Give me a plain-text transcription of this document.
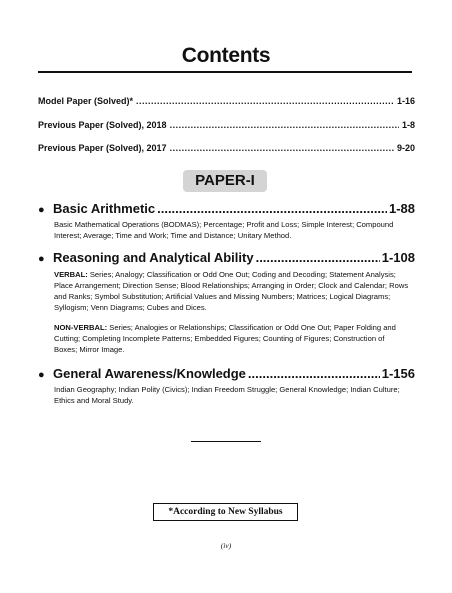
Contents
Model Paper (Solved)* .....	1-16
Previous Paper (Solved), 2018 .....	1-8
Previous Paper (Solved), 2017 .....	9-20
PAPER-I
● Basic Arithmetic .....	1-88
Basic Mathematical Operations (BODMAS); Percentage; Profit and Loss; Simple Interest; Compound Interest; Average; Time and Work; Time and Distance; Unitary Method.
● Reasoning and Analytical Ability .....	1-108
VERBAL: Series; Analogy; Classification or Odd One Out; Coding and Decoding; Statement Analysis; Place Arrangement; Direction Sense; Blood Relationships; Arranging in Order; Clock and Calendar; Rows and Ranks; Symbol Substitution; Artificial Values and Missing Numbers; Matrices; Logical Diagrams; Syllogism; Venn Diagrams; Cubes and Dices.
NON-VERBAL: Series; Analogies or Relationships; Classification or Odd One Out; Paper Folding and Cutting; Completing Incomplete Patterns; Embedded Figures; Counting of Figures; Construction of Boxes; Mirror Image.
● General Awareness/Knowledge .....	1-156
Indian Geography; Indian Polity (Civics); Indian Freedom Struggle; General Knowledge; Indian Culture; Ethics and Moral Study.
*According to New Syllabus
(iv)
